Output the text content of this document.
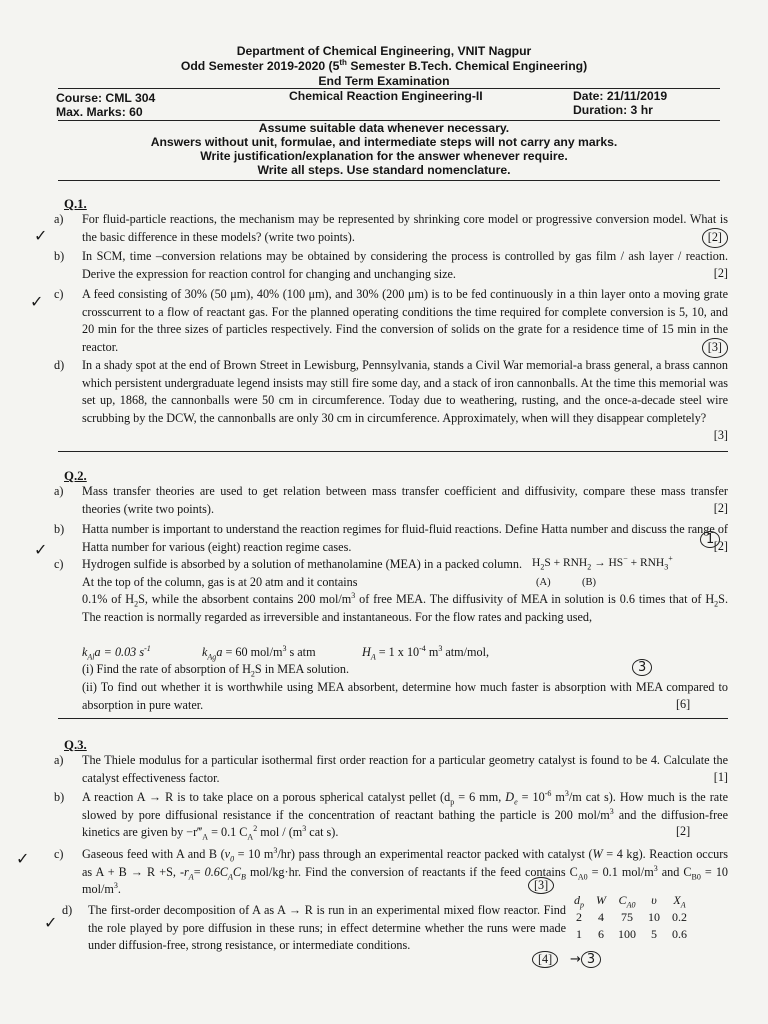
Department of Chemical Engineering, VNIT Nagpur
Odd Semester 2019-2020 (5th Semester B.Tech. Chemical Engineering)
End Term Examination
Course: CML 304	Chemical Reaction Engineering-II	Date: 21/11/2019
Max. Marks: 60	Duration: 3 hr
Assume suitable data whenever necessary.
Answers without unit, formulae, and intermediate steps will not carry any marks.
Write justification/explanation for the answer whenever require.
Write all steps. Use standard nomenclature.
Q.1.
a) For fluid-particle reactions, the mechanism may be represented by shrinking core model or progressive conversion model. What is the basic difference in these models? (write two points).	[2]
b) In SCM, time –conversion relations may be obtained by considering the process is controlled by gas film / ash layer / reaction. Derive the expression for reaction control for changing and unchanging size.	[2]
c) A feed consisting of 30% (50 μm), 40% (100 μm), and 30% (200 μm) is to be fed continuously in a thin layer onto a moving grate crosscurrent to a flow of reactant gas. For the planned operating conditions the time required for complete conversion is 5, 10, and 20 min for the three sizes of particles respectively. Find the conversion of solids on the grate for a residence time of 15 min in the reactor.	[3]
d) In a shady spot at the end of Brown Street in Lewisburg, Pennsylvania, stands a Civil War memorial-a brass general, a brass cannon which persistent undergraduate legend insists may still fire some day, and a stack of iron cannonballs. At the time this memorial was set up, 1868, the cannonballs were 50 cm in circumference. Today due to weathering, rusting, and the once-a-decade steel wire scrubbing by the DCW, the cannonballs are only 30 cm in circumference. Approximately, when will they disappear completely?
[3]
Q.2.
a) Mass transfer theories are used to get relation between mass transfer coefficient and diffusivity, compare these mass transfer theories (write two points).	[2]
b) Hatta number is important to understand the reaction regimes for fluid-fluid reactions. Define Hatta number and discuss the range of Hatta number for various (eight) reaction regime cases.	[2]
c) Hydrogen sulfide is absorbed by a solution of methanolamine (MEA) in a packed column. At the top of the column, gas is at 20 atm and it contains
$H_2S + RNH_2 \to HS^- + RNH_3^+$
(A)	(B)
0.1% of $H_2S$, while the absorbent contains 200 mol/$m^3$ of free MEA. The diffusivity of MEA in solution is 0.6 times that of $H_2S$. The reaction is normally regarded as irreversible and instantaneous. For the flow rates and packing used,
$k_{Al}a = 0.03$ $s^{-1}$	$k_{Ag}a = 60$ mol/$m^3$ s atm	$H_A = 1$ x $10^{-4}$ $m^3$ atm/mol,
(i) Find the rate of absorption of $H_2S$ in MEA solution.
(ii) To find out whether it is worthwhile using MEA absorbent, determine how much faster is absorption with MEA compared to absorption in pure water.	[6]
Q.3.
a) The Thiele modulus for a particular isothermal first order reaction for a particular geometry catalyst is found to be 4. Calculate the catalyst effectiveness factor.	[1]
b) A reaction A → R is to take place on a porous spherical catalyst pellet ($d_p = 6$ mm, $D_e = 10^{-6}$ $m^3/m$ cat s). How much is the rate slowed by pore diffusional resistance if the concentration of reactant bathing the particle is 200 mol/$m^3$ and the diffusion-free kinetics are given by $-r‴_A = 0.1$ $C_A^2$ mol / ($m^3$ cat s).	[2]
c) Gaseous feed with A and B ($v_0 = 10$ $m^3/hr$) pass through an experimental reactor packed with catalyst (W = 4 kg). Reaction occurs as A + B → R +S, $-r_A= 0.6C_AC_B$ mol/kg·hr. Find the conversion of reactants if the feed contains $C_{A0} = 0.1$ mol/$m^3$ and $C_{B0} = 10$ mol/$m^3$.	[3]
d) The first-order decomposition of A as A → R is run in an experimental mixed flow reactor. Find the role played by pore diffusion in these runs; in effect determine whether the runs were made under diffusion-free, strong resistance, or intermediate conditions.
[4]
$d_p$	W	$C_{A0}$	υ	$X_A$
2	4	75	10	0.2
1	6	100	5	0.6
✓
✓
✓
✓
✓
1
3
→ 3
